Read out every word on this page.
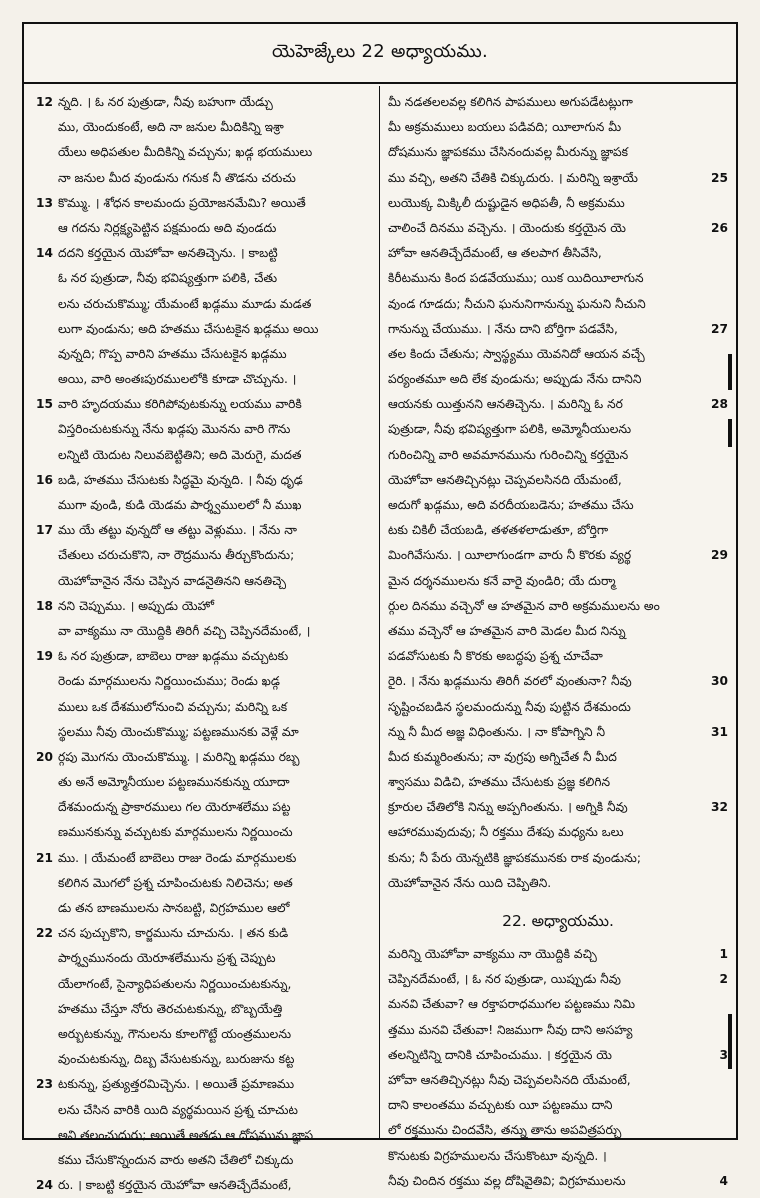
యెహెజ్కేలు 22 అధ్యాయము.
12 న్నది. । ఓ నర పుత్రుడా, నీవు బహుగా యేడ్చు
ము, యెందుకంటే, అది నా జనుల మీదికిన్ని ఇశ్రా
యేలు అధిపతుల మీదికిన్ని వచ్చును; ఖడ్గ భయములు
నా జనుల మీద వుండును గనుక నీ తొడను చరుచు
13 కొమ్ము. । శోధన కాలమందు ప్రయోజనమేమి? అయితే
ఆ గదను నిర్లక్ష్యపెట్టిన పక్షమందు అది వుండదు
14 దదని కర్తయైన యెహోవా అనతిచ్చెను. । కాబట్టి
ఓ నర పుత్రుడా, నీవు భవిష్యత్తుగా పలికి, చేతు
లను చరుచుకొమ్ము; యేమంటే ఖడ్గము మూడు మడత
లుగా వుండును; అది హతము చేసుటకైన ఖడ్గము అయి
వున్నది; గొప్ప వారిని హతము చేసుటకైన ఖడ్గము
అయి, వారి అంతఃపురములలోకి కూడా చొచ్చును. ।
15 వారి హృదయము కరిగిపోవుటకున్ను లయము వారికి
విస్తరించుటకున్ను నేను ఖడ్గపు మొనను వారి గౌను
లన్నిటి యెదుట నిలువబెట్టితిని; అది మెరుగై, మదత
16 బడి, హతము చేసుటకు సిద్ధమై వున్నది. । నీవు ధృఢ
ముగా వుండి, కుడి యెడమ పార్శ్వములలో నీ ముఖ
17 ము యే తట్టు వున్నదో ఆ తట్టు వెళ్లుము. । నేను నా
చేతులు చరుచుకొని, నా రౌద్రమును తీర్చుకొందును;
యెహోవానైన నేను చెప్పిన వాడనైతినని ఆనతిచ్చె
18 నని చెప్పుము. । అప్పుడు యెహో
వా వాక్యము నా యొద్దికి తిరిగీ వచ్చి చెప్పినదేమంటే, ।
19 ఓ నర పుత్రుడా, బాబెలు రాజు ఖడ్గము వచ్చుటకు
రెండు మార్గములను నిర్ణయించుము; రెండు ఖడ్గ
ములు ఒక దేశములోనుంచి వచ్చును; మరిన్ని ఒక
స్థలము నీవు యెంచుకొమ్ము; పట్టణమునకు వెళ్లే మా
20 ర్గపు మొగను యెంచుకొమ్ము. । మరిన్ని ఖడ్గము రబ్బ
తు అనే అమ్మోనీయుల పట్టణమునకున్ను యూదా
దేశమందున్న ప్రాకారములు గల యెరూశలేము పట్ట
ణమునకున్ను వచ్చుటకు మార్గములను నిర్ణయించు
21 ము. । యేమంటే బాబెలు రాజు రెండు మార్గములకు
కలిగిన మొగలో ప్రశ్న చూపించుటకు నిలిచెను; అత
డు తన బాణములను సానబట్టి, విగ్రహముల ఆలో
22 చన పుచ్చుకొని, కార్జమును చూచును. । తన కుడి
పార్శ్వమునందు యెరూశలేమును ప్రశ్న చెప్పుట
యేలాగంటే, సైన్యాధిపతులను నిర్ణయించుటకున్ను,
హతము చేస్తూ నోరు తెరచుటకున్ను, బొబ్బయేత్తి
అర్బుటకున్ను, గౌనులను కూలగొట్టే యంత్రములను
వుంచుటకున్ను, దిబ్బ వేసుటకున్ను, బురుజును కట్ట
23 టకున్ను, ప్రత్యుత్తరమిచ్చెను. । అయితే ప్రమాణము
లను చేసిన వారికి యిది వ్యర్థమయిన ప్రశ్న చూచుట
అని తలంచుదురు; అయితే అతడు ఆ దోషమును జ్ఞాప
కము చేసుకొన్నందున వారు అతని చేతిలో చిక్కుదు
24 రు. । కాబట్టి కర్తయైన యెహోవా ఆనతిచ్చేదేమంటే,
మీ నడతలలవల్ల కలిగిన పాపములు అగుపడేటట్లుగా
మీ అక్రమములు బయలు పడివది; యీలాగున మీ
దోషమును జ్ఞాపకము చేసినందువల్ల మీరున్ను జ్ఞాపక
ము వచ్చి, అతని చేతికి చిక్కుదురు. । మరిన్ని ఇశ్రాయే	25
లుయొక్క మిక్కిలీ దుష్టుడైన అధిపతీ, నీ అక్రమము
చాలించే దినము వచ్చెను. । యెందుకు కర్తయైన యె	26
హోవా ఆనతిచ్చేదేమంటే, ఆ తలపాగ తీసివేసి,
కిరీటమును కింద పడవేయుము; యిక యిదియీలాగున
వుండ గూడదు; నీచుని ఘనునిగానున్ను ఘనుని నీచుని
గానున్ను చేయుము. । నేను దాని బోర్తిగా పడవేసి,	27
తల కిందు చేతును; స్వాస్థ్యము యెవనిదో ఆయన వచ్చే
పర్యంతమూ అది లేక వుండును; అప్పుడు నేను దానిని
ఆయనకు యిత్తునని ఆనతిచ్చెను. । మరిన్ని ఓ నర	28
పుత్రుడా, నీవు భవిష్యత్తుగా పలికి, అమ్మోనీయులను
గురించిన్ని వారి అవమానమును గురించిన్ని కర్తయైన
యెహోవా ఆనతిచ్చినట్లు చెప్పవలసినది యేమంటే,
అదుగో ఖడ్గము, అది వరదీయబడెను; హతము చేసు
టకు చికిలీ చేయబడి, తళతళలాడుతూ, బోర్తిగా
మింగివేసును. । యీలాగుండగా వారు నీ కొరకు వ్యర్థ	29
మైన దర్శనములను కనే వారై వుండిరి; యే దుర్మా
ర్గుల దినము వచ్చెనో ఆ హతమైన వారి అక్రమములను అం
తము వచ్చెనో ఆ హతమైన వారి మెడల మీద నిన్ను
పడవోసుటకు నీ కొరకు అబద్ధపు ప్రశ్న చూచేవా
రైరి. । నేను ఖడ్గమును తిరిగీ వరలో వుంతునా? నీవు	30
సృష్టించబడిన స్థలమందున్ను నీవు పుట్టిన దేశమందు
న్ను నీ మీద అజ్ఞ విధింతును. । నా కోపాగ్నిని నీ	31
మీద కుమ్మరింతును; నా వుగ్రపు అగ్నిచేత నీ మీద
శ్వాసము విడిచి, హతము చేసుటకు ప్రజ్ఞ కలిగిన
క్రూరుల చేతిలోకి నిన్ను అప్పగింతును. । అగ్నికి నీవు	32
ఆహారమువుదువు; నీ రక్తము దేశపు మధ్యను ఒలు
కును; నీ పేరు యెన్నటికి జ్ఞాపకమునకు రాక వుండును;
యెహోవానైన నేను యిది చెప్పితిని.
22. అధ్యాయము.
మరిన్ని యెహోవా వాక్యము నా యొద్దికి వచ్చి	1
చెప్పినదేమంటే, । ఓ నర పుత్రుడా, యిప్పుడు నీవు	2
మనవి చేతువా? ఆ రక్తాపరాధముగల పట్టణము నిమి
త్తము మనవి చేతువా! నిజముగా నీవు దాని అసహ్య
తలన్నిటిన్ని దానికి చూపించుము. । కర్తయైన యె	3
హోవా ఆనతిచ్చినట్లు నీవు చెప్పవలసినది యేమంటే,
దాని కాలంతము వచ్చుటకు యీ పట్టణము దాని
లో రక్తమును చిందవేసి, తన్ను తాను అపవిత్రపర్చు
కొనుటకు విగ్రహములను చేసుకొంటూ వున్నది. ।
నీవు చిందిన రక్తము వల్ల దోషివైతివి; విగ్రహములను	4
